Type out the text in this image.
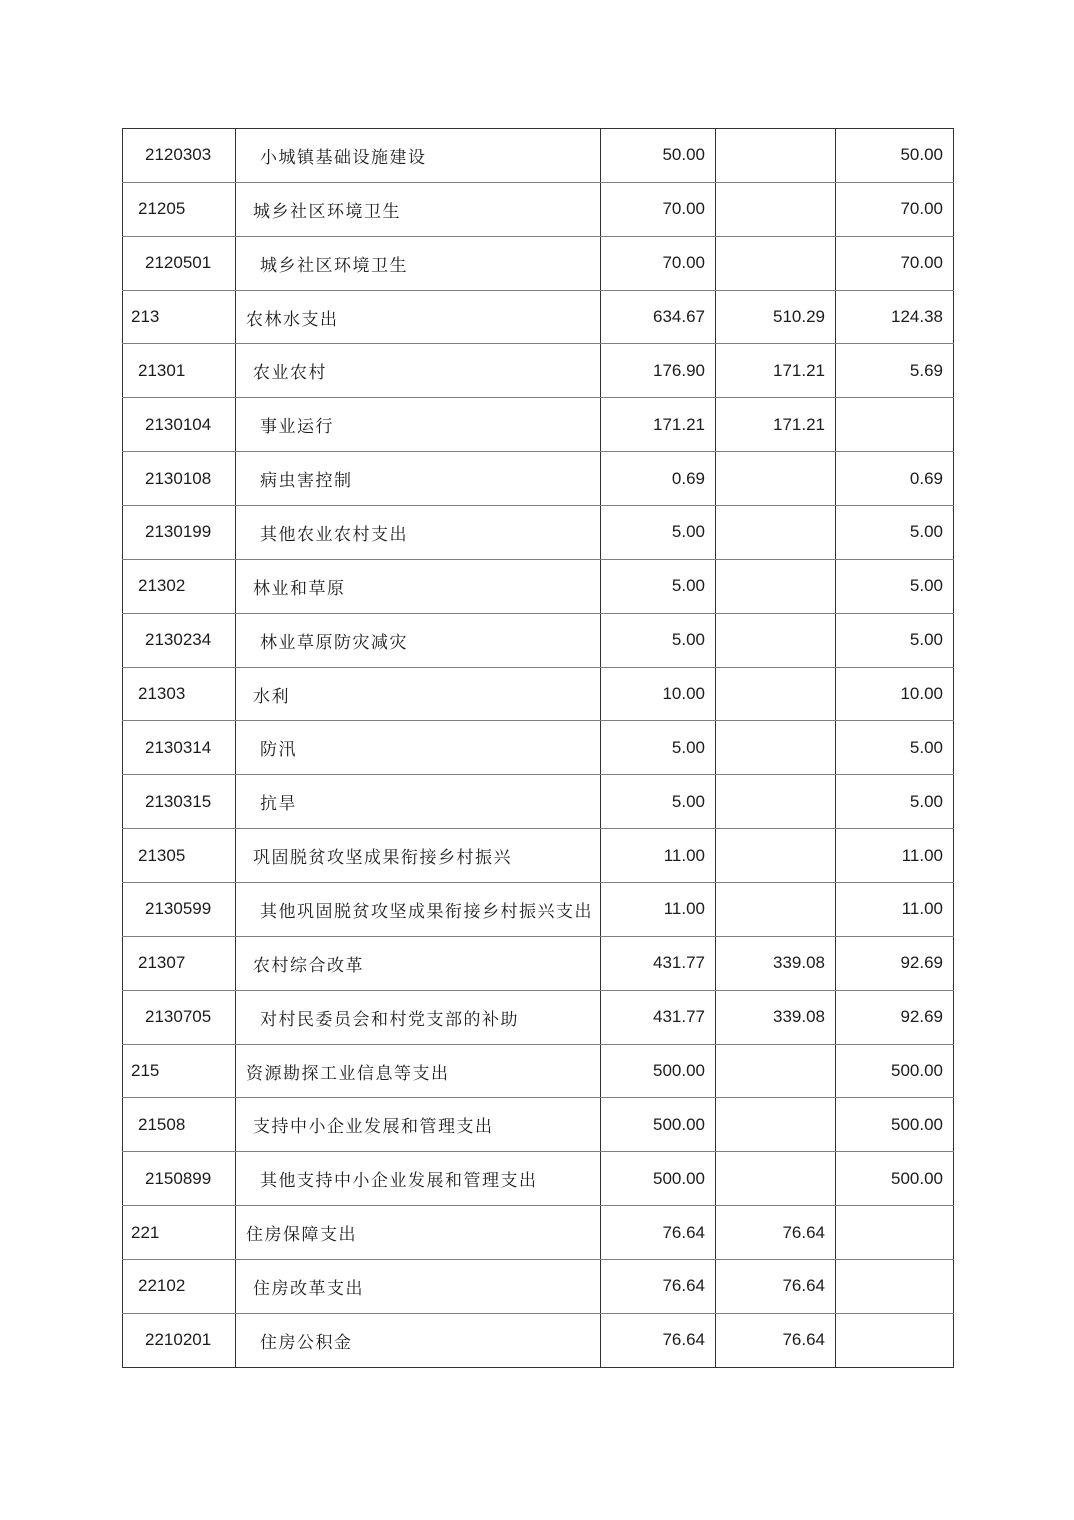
2120303	小城镇基础设施建设	50.00		50.00
21205	城乡社区环境卫生	70.00		70.00
2120501	城乡社区环境卫生	70.00		70.00
213	农林水支出	634.67	510.29	124.38
21301	农业农村	176.90	171.21	5.69
2130104	事业运行	171.21	171.21	
2130108	病虫害控制	0.69		0.69
2130199	其他农业农村支出	5.00		5.00
21302	林业和草原	5.00		5.00
2130234	林业草原防灾减灾	5.00		5.00
21303	水利	10.00		10.00
2130314	防汛	5.00		5.00
2130315	抗旱	5.00		5.00
21305	巩固脱贫攻坚成果衔接乡村振兴	11.00		11.00
2130599	其他巩固脱贫攻坚成果衔接乡村振兴支出	11.00		11.00
21307	农村综合改革	431.77	339.08	92.69
2130705	对村民委员会和村党支部的补助	431.77	339.08	92.69
215	资源勘探工业信息等支出	500.00		500.00
21508	支持中小企业发展和管理支出	500.00		500.00
2150899	其他支持中小企业发展和管理支出	500.00		500.00
221	住房保障支出	76.64	76.64	
22102	住房改革支出	76.64	76.64	
2210201	住房公积金	76.64	76.64	
